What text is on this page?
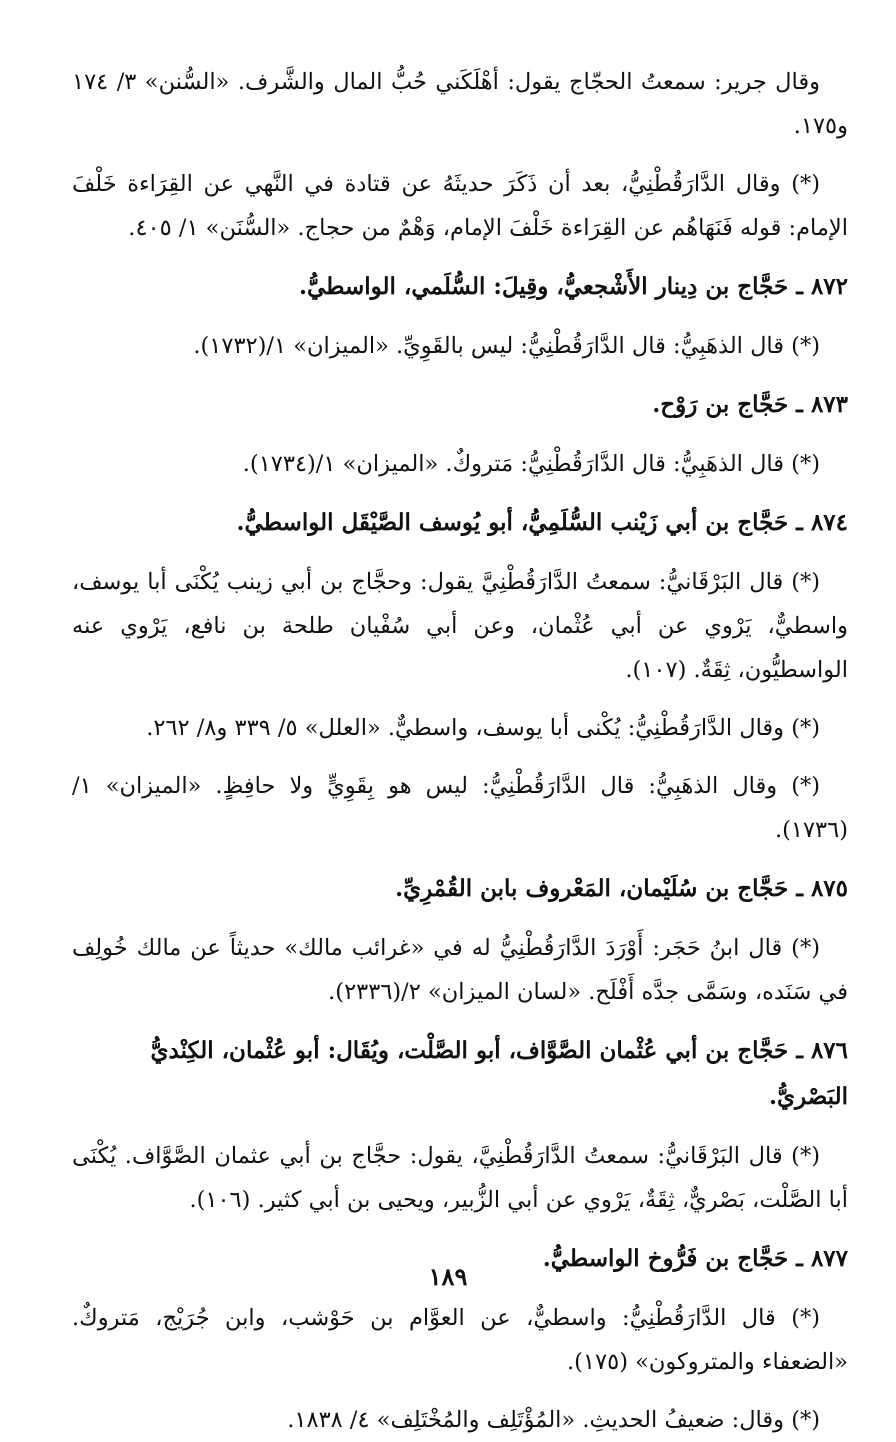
وقال جرير: سمعتُ الحجّاج يقول: أهْلَكَني حُبُّ المال والشَّرف. «السُّنن» ٣/ ١٧٤ و١٧٥.

(*) وقال الدَّارَقُطْنِيُّ، بعد أن ذَكَرَ حديثَهُ عن قتادة في النَّهي عن القِرَاءة خَلْفَ الإمام: قوله فَنَهَاهُم عن القِرَاءة خَلْفَ الإمام، وَهْمٌ من حجاج. «السُّنَن» ١/ ٤٠٥.

٨٧٢ ـ حَجَّاج بن دِينار الأَشْجعيُّ، وقِيلَ: السُّلَمي، الواسطيُّ.

(*) قال الذهَبِيُّ: قال الدَّارَقُطْنِيُّ: ليس بالقَوِيِّ. «الميزان» ١/(١٧٣٢).

٨٧٣ ـ حَجَّاج بن رَوْح.

(*) قال الذهَبِيُّ: قال الدَّارَقُطْنِيُّ: مَتروكٌ. «الميزان» ١/(١٧٣٤).

٨٧٤ ـ حَجَّاج بن أبي زَيْنب السُّلَمِيُّ، أبو يُوسف الصَّيْقَل الواسطيُّ.

(*) قال البَرْقَانيُّ: سمعتُ الدَّارَقُطْنِيَّ يقول: وحجَّاج بن أبي زينب يُكْنَى أبا يوسف، واسطيٌّ، يَرْوي عن أبي عُثْمان، وعن أبي سُفْيان طلحة بن نافع، يَرْوي عنه الواسطيُّون، ثِقَةٌ. (١٠٧).

(*) وقال الدَّارَقُطْنِيُّ: يُكْنى أبا يوسف، واسطيٌّ. «العلل» ٥/ ٣٣٩ و٨/ ٢٦٢.

(*) وقال الذهَبِيُّ: قال الدَّارَقُطْنِيُّ: ليس هو بِقَوِيٍّ ولا حافِظٍ. «الميزان» ١/ (١٧٣٦).

٨٧٥ ـ حَجَّاج بن سُلَيْمان، المَعْروف بابن القُمْرِيِّ.

(*) قال ابنُ حَجَر: أَوْرَدَ الدَّارَقُطْنِيُّ له في «غرائب مالك» حديثاً عن مالك خُولِف في سَنَده، وسَمَّى جدَّه أَفْلَح. «لسان الميزان» ٢/(٢٣٣٦).

٨٧٦ ـ حَجَّاج بن أبي عُثْمان الصَّوَّاف، أبو الصَّلْت، ويُقَال: أبو عُثْمان، الكِنْديُّ البَصْريُّ.

(*) قال البَرْقَانيُّ: سمعتُ الدَّارَقُطْنِيَّ، يقول: حجَّاج بن أبي عثمان الصَّوَّاف. يُكْنَى أبا الصَّلْت، بَصْريٌّ، ثِقَةٌ، يَرْوي عن أبي الزُّبير، ويحيى بن أبي كثير. (١٠٦).

٨٧٧ ـ حَجَّاج بن فَرُّوخ الواسطيُّ.

(*) قال الدَّارَقُطْنِيُّ: واسطيٌّ، عن العوَّام بن حَوْشب، وابن جُرَيْج، مَتروكٌ. «الضعفاء والمتروكون» (١٧٥).

(*) وقال: ضعيفُ الحديثِ. «المُؤْتَلِف والمُخْتَلِف» ٤/ ١٨٣٨.

١٨٩
